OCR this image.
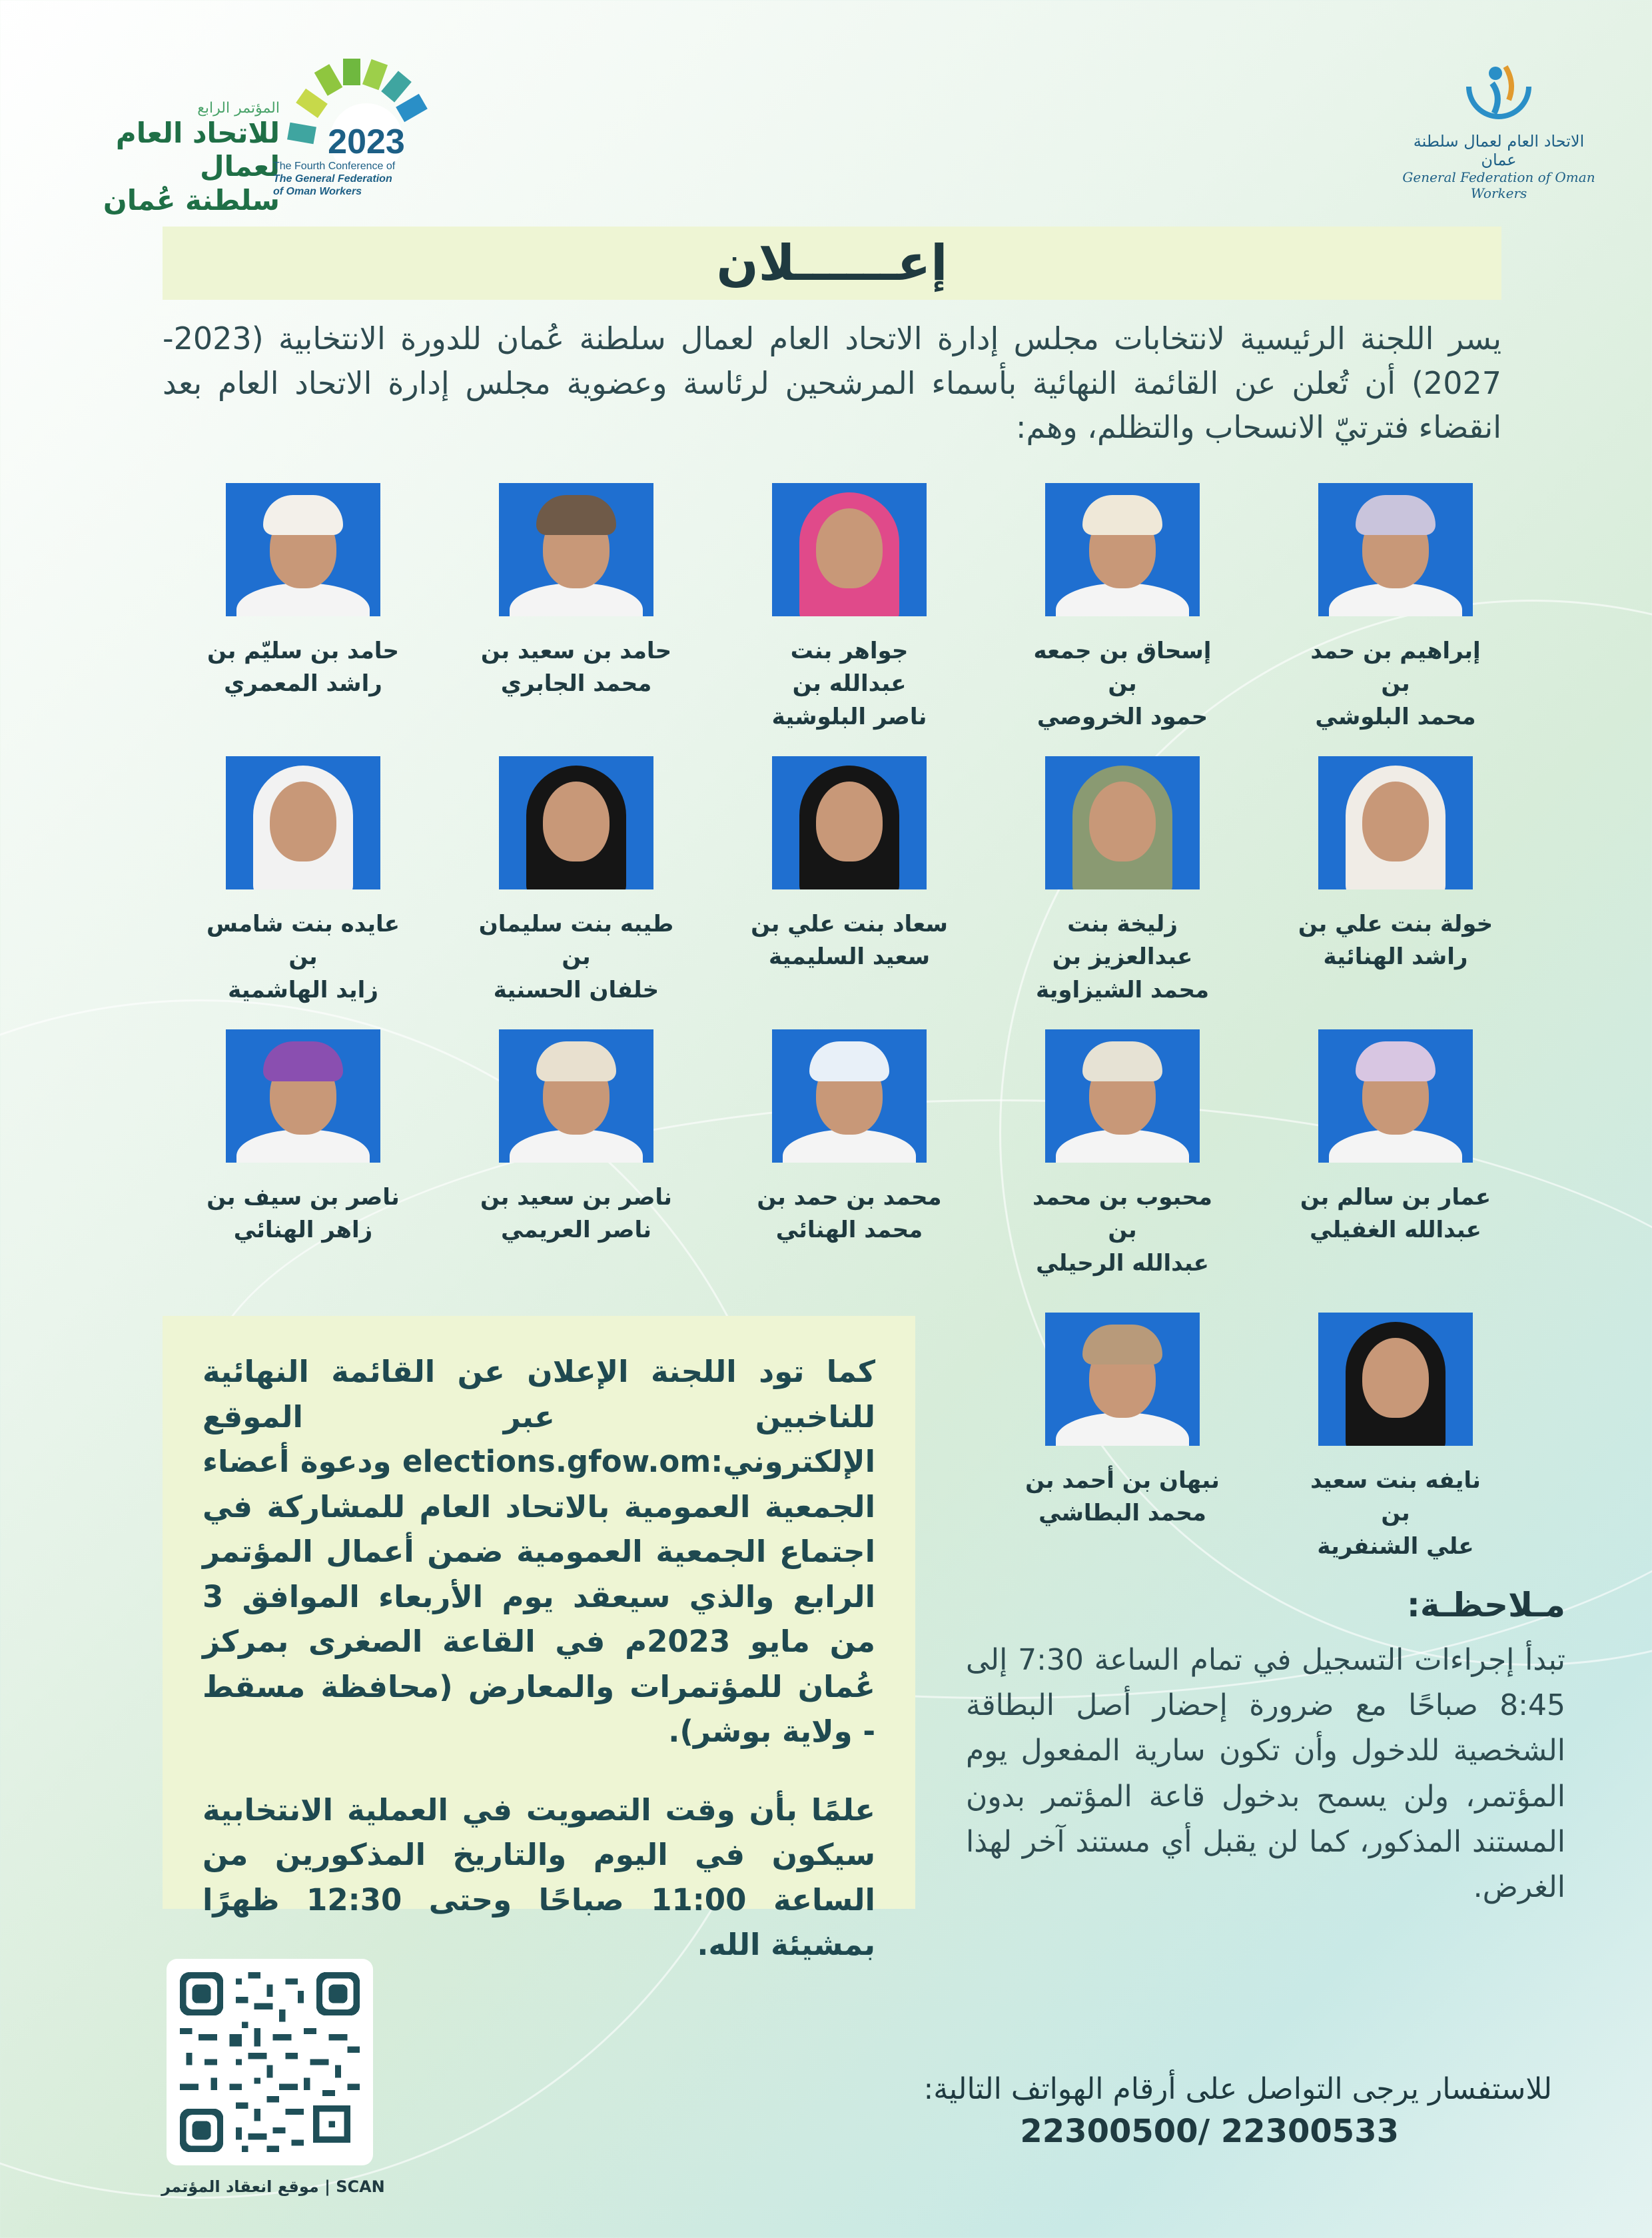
الاتحاد العام لعمال سلطنة عمان
General Federation of Oman Workers
المؤتمر الرابع
للاتحاد العام لعمال
سلطنة عُمان
2023
The Fourth Conference of
The General Federation
of Oman Workers
إعــــــلان
يسر اللجنة الرئيسية لانتخابات مجلس إدارة الاتحاد العام لعمال سلطنة عُمان للدورة الانتخابية (2023-2027) أن تُعلن عن القائمة النهائية بأسماء المرشحين لرئاسة وعضوية مجلس إدارة الاتحاد العام بعد انقضاء فترتيّ الانسحاب والتظلم، وهم:
إبراهيم بن حمد بن
محمد البلوشي
إسحاق بن جمعه بن
حمود الخروصي
جواهر بنت عبدالله بن
ناصر البلوشية
حامد بن سعيد بن
محمد الجابري
حامد بن سليّم بن
راشد المعمري
خولة بنت علي بن
راشد الهنائية
زليخة بنت عبدالعزيز بن
محمد الشيزاوية
سعاد بنت علي بن
سعيد السليمية
طيبه بنت سليمان بن
خلفان الحسنية
عايده بنت شامس بن
زايد الهاشمية
عمار بن سالم بن
عبدالله الغفيلي
محبوب بن محمد بن
عبدالله الرحيلي
محمد بن حمد بن
محمد الهنائي
ناصر بن سعيد بن
ناصر العريمي
ناصر بن سيف بن
زاهر الهنائي
نايفه بنت سعيد بن
علي الشنفرية
نبهان بن أحمد بن
محمد البطاشي

كما تود اللجنة الإعلان عن القائمة النهائية للناخبين عبر الموقع الإلكتروني:elections.gfow.om ودعوة أعضاء الجمعية العمومية بالاتحاد العام للمشاركة في اجتماع الجمعية العمومية ضمن أعمال المؤتمر الرابع والذي سيعقد يوم الأربعاء الموافق 3 من مايو 2023م في القاعة الصغرى بمركز عُمان للمؤتمرات والمعارض (محافظة مسقط - ولاية بوشر).

علمًا بأن وقت التصويت في العملية الانتخابية سيكون في اليوم والتاريخ المذكورين من الساعة 11:00 صباحًا وحتى 12:30 ظهرًا بمشيئة الله.

مـلاحظـة:

تبدأ إجراءات التسجيل في تمام الساعة 7:30 إلى 8:45 صباحًا مع ضرورة إحضار أصل البطاقة الشخصية للدخول وأن تكون سارية المفعول يوم المؤتمر، ولن يسمح بدخول قاعة المؤتمر بدون المستند المذكور، كما لن يقبل أي مستند آخر لهذا الغرض.

للاستفسار يرجى التواصل على أرقام الهواتف التالية:
22300533 /22300500
موقع انعقاد المؤتمر | SCAN
